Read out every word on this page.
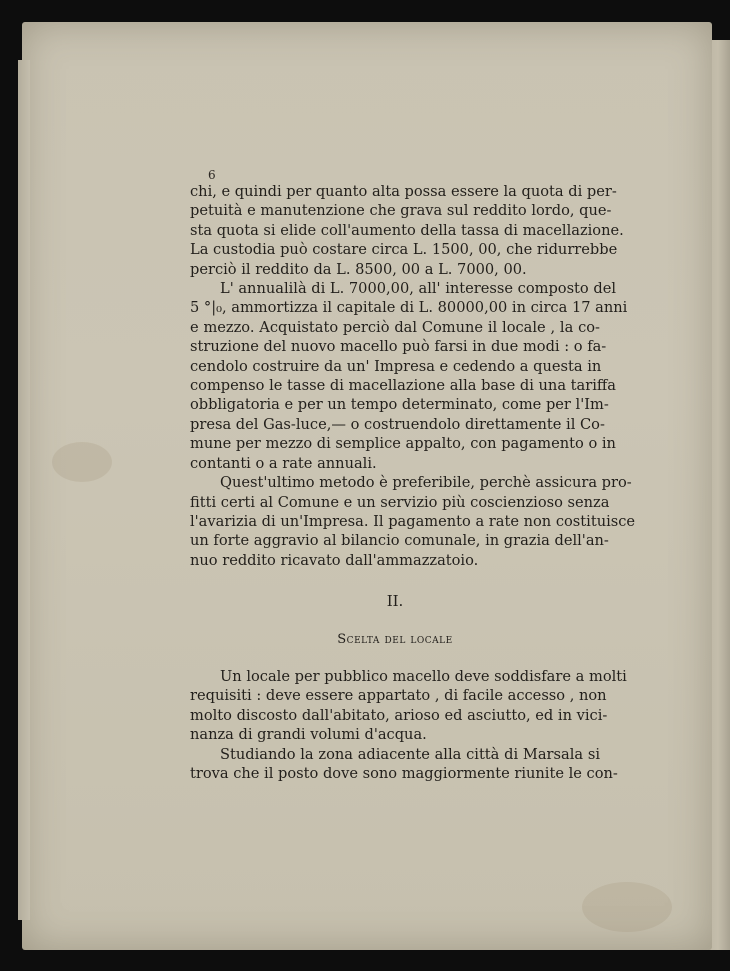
6
chi, e quindi per quanto alta possa essere la quota di per-
petuità e manutenzione che grava sul reddito lordo, que-
sta quota si elide coll'aumento della tassa di macellazione.
La custodia può costare circa L. 1500, 00, che ridurrebbe
perciò il reddito da L. 8500, 00 a L. 7000, 00.
L' annualilà di L. 7000,00, all' interesse composto del
5 °|₀, ammortizza il capitale di L. 80000,00 in circa 17 anni
e mezzo. Acquistato perciò dal Comune il locale , la co-
struzione del nuovo macello può farsi in due modi : o fa-
cendolo costruire da un' Impresa e cedendo a questa in
compenso le tasse di macellazione alla base di una tariffa
obbligatoria e per un tempo determinato, come per l'Im-
presa del Gas-luce,— o costruendolo direttamente il Co-
mune per mezzo di semplice appalto, con pagamento o in
contanti o a rate annuali.
Quest'ultimo metodo è preferibile, perchè assicura pro-
fitti certi al Comune e un servizio più coscienzioso senza
l'avarizia di un'Impresa. Il pagamento a rate non costituisce
un forte aggravio al bilancio comunale, in grazia dell'an-
nuo reddito ricavato dall'ammazzatoio.
II.
Scelta del locale
Un locale per pubblico macello deve soddisfare a molti
requisiti : deve essere appartato , di facile accesso , non
molto discosto dall'abitato, arioso ed asciutto, ed in vici-
nanza di grandi volumi d'acqua.
Studiando la zona adiacente alla città di Marsala si
trova che il posto dove sono maggiormente riunite le con-
